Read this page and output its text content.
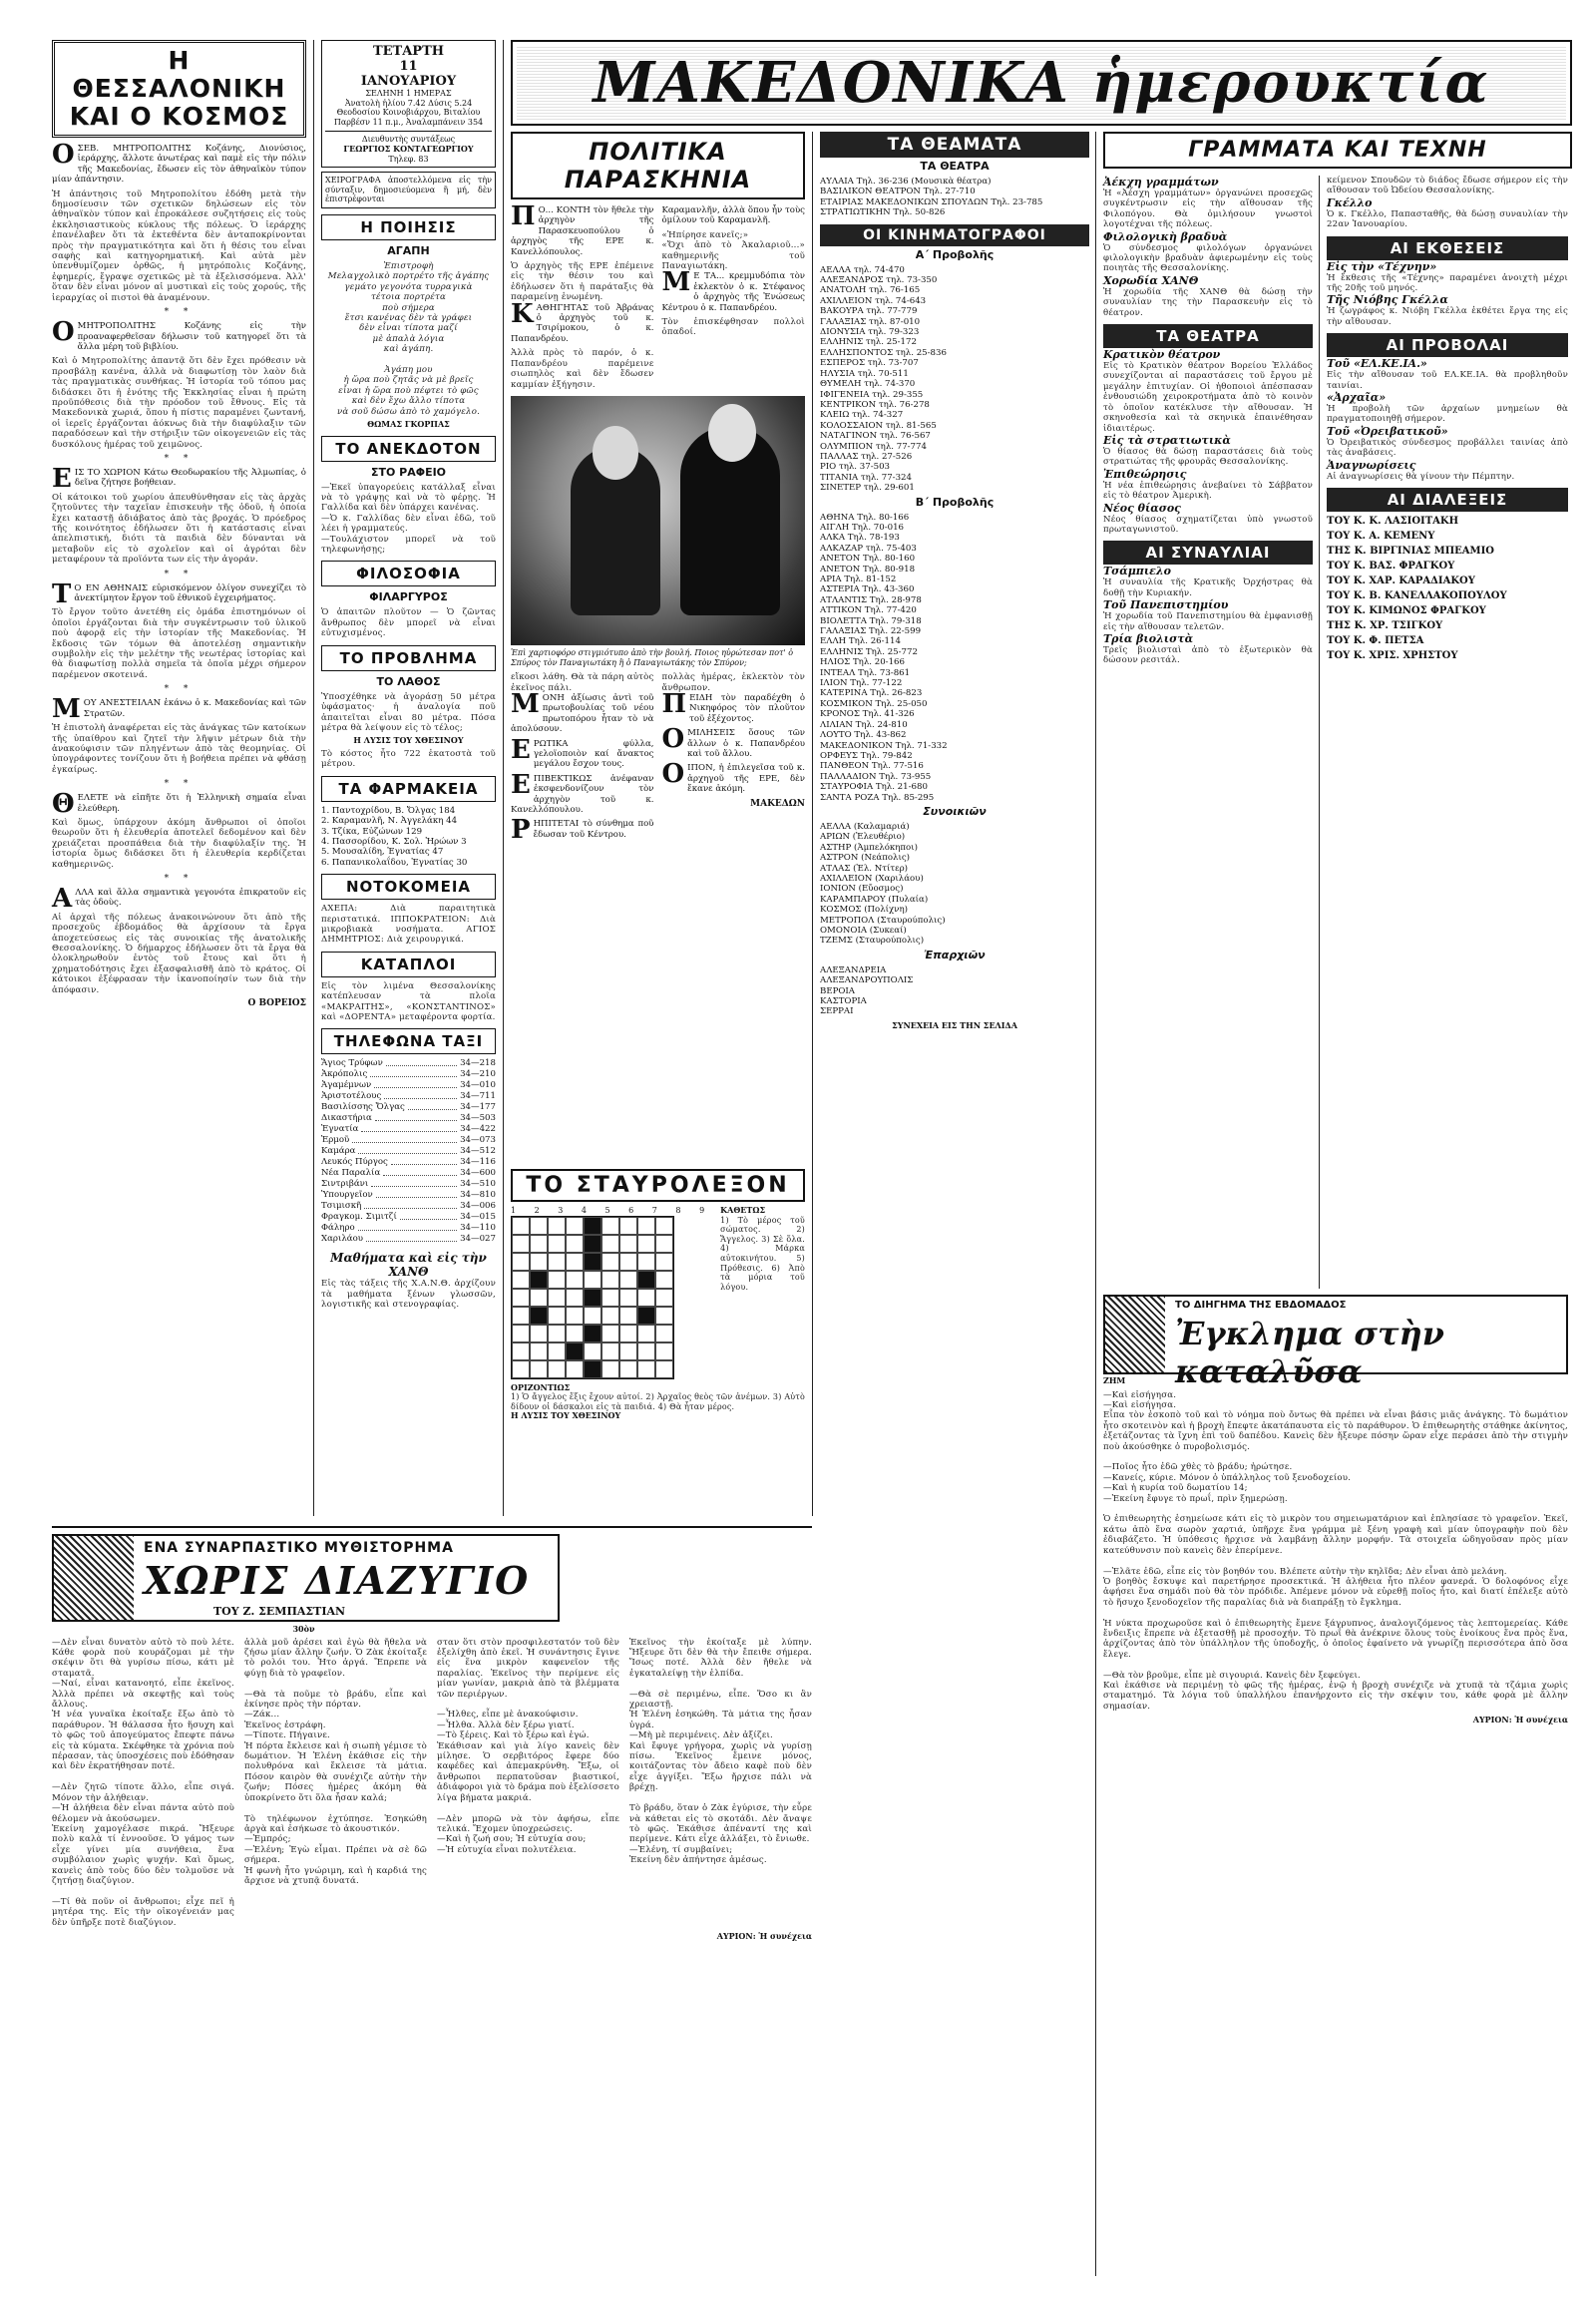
Η ΘΕΣΣΑΛΟΝΙΚΗ ΚΑΙ Ο ΚΟΣΜΟΣ

ΟΣΕΒ. ΜΗΤΡΟΠΟΛΙΤΗΣ Κοζάνης, Διονύσιος, ἱεράρχης, ἄλλοτε ἀνωτέρας καὶ παμὲ εἰς τὴν πόλιν τῆς Μακεδονίας, ἔδωσεν εἰς τὸν ἀθηναϊκὸν τύπον μίαν ἀπάντησιν.

Ἡ ἀπάντησις τοῦ Μητροπολίτου ἐδόθη μετὰ τὴν δημοσίευσιν τῶν σχετικῶν δηλώσεων εἰς τὸν ἀθηναϊκὸν τύπον καὶ ἐπροκάλεσε συζητήσεις εἰς τοὺς ἐκκλησιαστικοὺς κύκλους τῆς πόλεως. Ὁ ἱεράρχης ἐπανέλαβεν ὅτι τὰ ἐκτεθέντα δὲν ἀνταποκρίνονται πρὸς τὴν πραγματικότητα καὶ ὅτι ἡ θέσις του εἶναι σαφὴς καὶ κατηγορηματική. Καὶ αὐτὰ μὲν ὑπενθυμίζομεν ὀρθῶς, ἡ μητρόπολις Κοζάνης, ἐφημερίς, ἔγραψε σχετικῶς μὲ τὰ ἐξελισσόμενα. Ἀλλ' ὅταν δὲν εἶναι μόνον αἱ μυστικαὶ εἰς τοὺς χορούς, τῆς ἱεραρχίας οἱ πιστοὶ θὰ ἀναμένουν.
* *

ΟΜΗΤΡΟΠΟΛΙΤΗΣ Κοζάνης εἰς τὴν προαναφερθεῖσαν δήλωσιν τοῦ κατηγορεῖ ὅτι τὰ ἄλλα μέρη τοῦ βιβλίου.

Καὶ ὁ Μητροπολίτης ἀπαντᾷ ὅτι δὲν ἔχει πρόθεσιν νὰ προσβάλῃ κανένα, ἀλλὰ νὰ διαφωτίσῃ τὸν λαὸν διὰ τὰς πραγματικὰς συνθήκας. Ἡ ἱστορία τοῦ τόπου μας διδάσκει ὅτι ἡ ἑνότης τῆς Ἐκκλησίας εἶναι ἡ πρώτη προϋπόθεσις διὰ τὴν πρόοδον τοῦ ἔθνους. Εἰς τὰ Μακεδονικὰ χωριά, ὅπου ἡ πίστις παραμένει ζωντανή, οἱ ἱερεῖς ἐργάζονται ἀόκνως διὰ τὴν διαφύλαξιν τῶν παραδόσεων καὶ τὴν στήριξιν τῶν οἰκογενειῶν εἰς τὰς δυσκόλους ἡμέρας τοῦ χειμῶνος.
* *

ΕΙΣ ΤΟ ΧΩΡΙΟΝ Κάτω Θεοδωρακίου τῆς Ἀλμωπίας, ὁ δεῖνα ζήτησε βοήθειαν.

Οἱ κάτοικοι τοῦ χωρίου ἀπευθύνθησαν εἰς τὰς ἀρχὰς ζητοῦντες τὴν ταχεῖαν ἐπισκευὴν τῆς ὁδοῦ, ἡ ὁποία ἔχει καταστῇ ἀδιάβατος ἀπὸ τὰς βροχάς. Ὁ πρόεδρος τῆς κοινότητος ἐδήλωσεν ὅτι ἡ κατάστασις εἶναι ἀπελπιστική, διότι τὰ παιδιὰ δὲν δύνανται νὰ μεταβοῦν εἰς τὸ σχολεῖον καὶ οἱ ἀγρόται δὲν μεταφέρουν τὰ προϊόντα των εἰς τὴν ἀγοράν.
* *

ΤΟ ΕΝ ΑΘΗΝΑΙΣ εὑρισκόμενον ὀλίγον συνεχίζει τὸ ἀνεκτίμητον ἔργον τοῦ ἐθνικοῦ ἐγχειρήματος.

Τὸ ἔργον τοῦτο ἀνετέθη εἰς ὁμάδα ἐπιστημόνων οἱ ὁποῖοι ἐργάζονται διὰ τὴν συγκέντρωσιν τοῦ ὑλικοῦ ποὺ ἀφορᾷ εἰς τὴν ἱστορίαν τῆς Μακεδονίας. Ἡ ἔκδοσις τῶν τόμων θὰ ἀποτελέσῃ σημαντικὴν συμβολὴν εἰς τὴν μελέτην τῆς νεωτέρας ἱστορίας καὶ θὰ διαφωτίσῃ πολλὰ σημεῖα τὰ ὁποῖα μέχρι σήμερον παρέμενον σκοτεινά.
* *

ΜΟΥ ΑΝΕΣΤΕΙΛΑΝ ἐκάνω ὁ κ. Μακεδονίας καὶ τῶν Στρατῶν.

Ἡ ἐπιστολὴ ἀναφέρεται εἰς τὰς ἀνάγκας τῶν κατοίκων τῆς ὑπαίθρου καὶ ζητεῖ τὴν λῆψιν μέτρων διὰ τὴν ἀνακούφισιν τῶν πληγέντων ἀπὸ τὰς θεομηνίας. Οἱ ὑπογράφοντες τονίζουν ὅτι ἡ βοήθεια πρέπει νὰ φθάσῃ ἐγκαίρως.
* *

ΘΕΛΕΤΕ νὰ εἰπῆτε ὅτι ἡ Ἑλληνικὴ σημαία εἶναι ἐλεύθερη.

Καὶ ὅμως, ὑπάρχουν ἀκόμη ἄνθρωποι οἱ ὁποῖοι θεωροῦν ὅτι ἡ ἐλευθερία ἀποτελεῖ δεδομένον καὶ δὲν χρειάζεται προσπάθεια διὰ τὴν διαφύλαξίν της. Ἡ ἱστορία ὅμως διδάσκει ὅτι ἡ ἐλευθερία κερδίζεται καθημερινῶς.
* *

ΑΛΛΑ καὶ ἄλλα σημαντικὰ γεγονότα ἐπικρατοῦν εἰς τὰς ὁδοὺς.

Αἱ ἀρχαὶ τῆς πόλεως ἀνακοινώνουν ὅτι ἀπὸ τῆς προσεχοῦς ἑβδομάδος θὰ ἀρχίσουν τὰ ἔργα ἀποχετεύσεως εἰς τὰς συνοικίας τῆς ἀνατολικῆς Θεσσαλονίκης. Ὁ δήμαρχος ἐδήλωσεν ὅτι τὰ ἔργα θὰ ὁλοκληρωθοῦν ἐντὸς τοῦ ἔτους καὶ ὅτι ἡ χρηματοδότησις ἔχει ἐξασφαλισθῆ ἀπὸ τὸ κράτος. Οἱ κάτοικοι ἐξέφρασαν τὴν ἱκανοποίησίν των διὰ τὴν ἀπόφασιν.
Ο ΒΟΡΕΙΟΣ
ΤΕΤΑΡΤΗ
11
ΙΑΝΟΥΑΡΙΟΥ
ΣΕΛΗΝΗ 1 ΗΜΕΡΑΣ
Ἀνατολὴ ἡλίου 7.42 Δύσις 5.24
Θεοδοσίου Κοινοβιάρχου, Βιταλίου
Παρβέσν 11 π.μ., Ἀναλαμπάνειν 354
Διευθυντὴς συντάξεως
ΓΕΩΡΓΙΟΣ ΚΟΝΤΑΓΕΩΡΓΙΟΥ
Τηλεφ. 83
ΧΕΙΡΟΓΡΑΦΑ ἀποστελλόμενα εἰς τὴν σύνταξιν, δημοσιεύομενα ἢ μή, δὲν ἐπιστρέφονται
Η ΠΟΙΗΣΙΣ
ΑΓΑΠΗ
Ἐπιστροφὴ
Μελαγχολικὸ πορτρέτο τῆς ἀγάπης
γεμάτο γεγονότα τυρραγικὰ
τέτοια πορτρέτα
ποὺ σήμερα
ἔτσι κανένας δὲν τὰ γράφει
δὲν εἶναι τίποτα μαζί
μὲ ἀπαλὰ λόγια
καὶ ἀγάπη.

Ἀγάπη μου
ἡ ὥρα ποὺ ζητᾶς νὰ μὲ βρεῖς
εἶναι ἡ ὥρα ποὺ πέφτει τὸ φῶς
καὶ δὲν ἔχω ἄλλο τίποτα
νὰ σοῦ δώσω ἀπὸ τὸ χαμόγελο.
ΘΩΜΑΣ ΓΚΟΡΠΑΣ
ΤΟ ΑΝΕΚΔΟΤΟΝ
ΣΤΟ ΡΑΦΕΙΟ
—Ἐκεῖ ὑπαγορεύεις κατάλλαξ εἶναι νὰ τὸ γράψῃς καὶ νὰ τὸ φέρῃς. Ἡ Γαλλίδα καὶ δὲν ὑπάρχει κανένας.
—Ὁ κ. Γαλλίδας δὲν εἶναι ἐδῶ, τοῦ λέει ἡ γραμματεύς.
—Τουλάχιστον μπορεῖ νὰ τοῦ τηλεφωνήσῃς;
ΦΙΛΟΣΟΦΙΑ
ΦΙΛΑΡΓΥΡΟΣ
Ὁ ἀπαιτῶν πλοῦτον — Ὁ ζῶντας ἄνθρωπος δὲν μπορεῖ νὰ εἶναι εὐτυχισμένος.
ΤΟ ΠΡΟΒΛΗΜΑ
ΤΟ ΛΑΘΟΣ
Ὑποσχέθηκε νὰ ἀγοράσῃ 50 μέτρα ὑφάσματος· ἡ ἀναλογία ποῦ ἀπαιτεῖται εἶναι 80 μέτρα. Πόσα μέτρα θὰ λείψουν εἰς τὸ τέλος;
Η ΛΥΣΙΣ ΤΟΥ ΧΘΕΣΙΝΟΥ
Τὸ κόστος ἦτο 722 ἑκατοστὰ τοῦ μέτρου.
ΤΑ ΦΑΡΜΑΚΕΙΑ
1. Παντοχρίδου, Β. Ὄλγας 184
2. Καραμανλῆ, Ν. Ἀγγελάκη 44
3. Τζίκα, Εὐζώνων 129
4. Πασσορίδου, Κ. Σολ. Ἡρώων 3
5. Μουσαλίδη, Ἐγνατίας 47
6. Παπανικολαΐδου, Ἐγνατίας 30
ΝΟΤΟΚΟΜΕΙΑ
ΑΧΕΠΑ: Διὰ παραιτητικὰ περιστατικά. ΙΠΠΟΚΡΑΤΕΙΟΝ: Διὰ μικροβιακὰ νοσήματα. ΑΓΙΟΣ ΔΗΜΗΤΡΙΟΣ: Διὰ χειρουργικά.
ΚΑΤΑΠΛΟΙ
Εἰς τὸν λιμένα Θεσσαλονίκης κατέπλευσαν τὰ πλοῖα «ΜΑΚΡΑΙΤΗΣ», «ΚΟΝΣΤΑΝΤΙΝΟΣ» καὶ «ΔΟΡΕΝΤΑ» μεταφέροντα φορτία.
ΤΗΛΕΦΩΝΑ ΤΑΞΙ
Ἄγιος Τρύφων	34—218
Ἀκρόπολις	34—210
Ἀγαμέμνων	34—010
Ἀριστοτέλους	34—711
Βασιλίσσης Ὄλγας	34—177
Δικαστήρια	34—503
Ἐγνατία	34—422
Ἑρμοῦ	34—073
Καμάρα	34—512
Λευκός Πύργος	34—116
Νέα Παραλία	34—600
Σιντριβάνι	34—510
Ὑπουργεῖον	34—810
Τσιμισκῆ	34—006
Φραγκομ. Σιμιτζί	34—015
Φάληρο	34—110
Χαριλάου	34—027
Μαθήματα καὶ εἰς τὴν ΧΑΝΘ
Εἰς τὰς τάξεις τῆς Χ.Α.Ν.Θ. ἀρχίζουν τὰ μαθήματα ξένων γλωσσῶν, λογιστικῆς καὶ στενογραφίας.
ΜΑΚΕΔΟΝΙΚΑ ἡμερουκτία
ΠΟΛΙΤΙΚΑ ΠΑΡΑΣΚΗΝΙΑ

ΠΟ... ΚΟΝΤΗ τὸν ἤθελε τὴν ἀρχηγὸν τῆς Παρασκευοπούλου ὁ ἀρχηγὸς τῆς ΕΡΕ κ. Κανελλόπουλος.

Ὁ ἀρχηγὸς τῆς ΕΡΕ ἐπέμεινε εἰς τὴν θέσιν του καὶ ἐδήλωσεν ὅτι ἡ παράταξις θὰ παραμείνῃ ἑνωμένη.

ΚΑΘΗΓΗΤΑΣ τοῦ Ἀβράνας ὁ ἀρχηγὸς τοῦ κ. Τσιρίμοκου, ὁ κ. Παπανδρέου.

Ἀλλὰ πρὸς τὸ παρόν, ὁ κ. Παπανδρέου παρέμεινε σιωπηλὸς καὶ δὲν ἔδωσεν καμμίαν ἐξήγησιν.

Καραμανλῆν, ἀλλὰ ὅπου ἦν τοὺς ὁμίλουν τοῦ Καραμανλῆ.

«Ἠπίρησε κανεῖς;»
«Ὄχι ἀπὸ τὸ Ἀκαλαριοῦ...» καθημερινῆς τοῦ Παναγιωτάκη.

ΜΕ ΤΑ... κρεμμυδόπια τὸν ἐκλεκτὸν ὁ κ. Στέφανος ὁ ἀρχηγὸς τῆς Ἑνώσεως Κέντρου ὁ κ. Παπανδρέου.

Τὸν ἐπισκέφθησαν πολλοὶ ὁπαδοί.
Ἐπὶ χαρτιοφόρο στιγμιότυπο ἀπὸ τὴν βουλή. Ποιος ηὐρώτεσαν ποτ' ὁ Σπύρος τὸν Παναγιωτάκη ἢ ὁ Παναγιωτάκης τὸν Σπύρον;
εἴκοσι λάθη. Θὰ τὰ πάρη αὐτὸς ἐκεῖνος πάλι.

ΜΟΝΗ ἀξίωσις ἀντὶ τοῦ πρωτοβουλίας τοῦ νέου πρωτοπόρου ἦταν τὸ νὰ ἀπολύσουν.

ΕΡΩΤΙΚΑ φύλλα, γελοϊοποιὸν καί ἄνακτος μεγάλου ἔσχον τους.

ΕΠΙΒΕΚΤΙΚΩΣ ἀνέφαναν ἐκσφενδονίζουν τὸν ἀρχηγὸν τοῦ κ. Κανελλόπουλου.

ΡΗΠΙΤΕΤΑΙ τὸ σύνθημα ποῦ ἔδωσαν τοῦ Κέντρου.

πολλὰς ἡμέρας, ἐκλεκτὸν τὸν ἄνθρωπον.

ΠΕΙΔΗ τὸν παραδέχθη ὁ Νικηφόρος τὸν πλοῦτον τοῦ ἐξέχοντος.

ΟΜΙΛΗΣΕΙΣ ὅσους τῶν ἄλλων ὁ κ. Παπανδρέου καὶ τοῦ ἄλλου.

ΟΙΠΟΝ, ἡ ἐπιλεγεῖσα τοῦ κ. ἀρχηγοῦ τῆς ΕΡΕ, δὲν ἔκανε ἀκόμη.

ΜΑΚΕΔΩΝ
ΤΟ ΣΤΑΥΡΟΛΕΞΟΝ
1 2 3 4 5 6 7 8 9 ΚΑΘΕΤΩΣ
1) Τὸ μέρος τοῦ σώματος. 2) Ἄγγελος. 3) Σὲ ὅλα. 4) Μάρκα αὐτοκινήτου. 5) Πρόθεσις. 6) Ἀπὸ τὰ μόρια τοῦ λόγου.
ΟΡΙΖΟΝΤΙΩΣ
1) Ὁ ἄγγελος ἕξις ἔχουν αὐτοί. 2) Ἀρχαῖος θεὸς τῶν ἀνέμων. 3) Αὐτὸ δίδουν οἱ δάσκαλοι εἰς τὰ παιδιά. 4) Θὰ ἦταν μέρος.
Η ΛΥΣΙΣ ΤΟΥ ΧΘΕΣΙΝΟΥ
ΤΑ ΘΕΑΜΑΤΑ
ΤΑ ΘΕΑΤΡΑ
ΑΥΛΑΙΑ Τηλ. 36-236 (Μουσικὰ θέατρα)
ΒΑΣΙΛΙΚΟΝ ΘΕΑΤΡΟΝ Τηλ. 27-710
ΕΤΑΙΡΙΑΣ ΜΑΚΕΔΟΝΙΚΩΝ ΣΠΟΥΔΩΝ Τηλ. 23-785
ΣΤΡΑΤΙΩΤΙΚΗΝ Τηλ. 50-826
ΟΙ ΚΙΝΗΜΑΤΟΓΡΑΦΟΙ
Α΄ Προβολῆς
ΑΕΛΛΑ τηλ. 74-470
ΑΛΕΞΑΝΔΡΟΣ τηλ. 73-350
ΑΝΑΤΟΛΗ τηλ. 76-165
ΑΧΙΛΛΕΙΟΝ τηλ. 74-643
ΒΑΚΟΥΡΑ τηλ. 77-779
ΓΑΛΑΞΙΑΣ τηλ. 87-010
ΔΙΟΝΥΣΙΑ τηλ. 79-323
ΕΛΛΗΝΙΣ τηλ. 25-172
ΕΛΛΗΣΠΟΝΤΟΣ τηλ. 25-836
ΕΣΠΕΡΟΣ τηλ. 73-707
ΗΛΥΣΙΑ τηλ. 70-511
ΘΥΜΕΛΗ τηλ. 74-370
ΙΦΙΓΕΝΕΙΑ τηλ. 29-355
ΚΕΝΤΡΙΚΟΝ τηλ. 76-278
ΚΛΕΙΩ τηλ. 74-327
ΚΟΛΟΣΣΑΙΟΝ τηλ. 81-565
ΝΑΤΑΓΙΝΟΝ τηλ. 76-567
ΟΛΥΜΠΙΟΝ τηλ. 77-774
ΠΑΛΛΑΣ τηλ. 27-526
ΡΙΟ τηλ. 37-503
ΤΙΤΑΝΙΑ τηλ. 77-324
ΣΙΝΕΤΕΡ τηλ. 29-601
Β΄ Προβολῆς
ΑΘΗΝΑ Τηλ. 80-166
ΑΙΓΛΗ Τηλ. 70-016
ΑΛΚΑ Τηλ. 78-193
ΑΛΚΑΖΑΡ τηλ. 75-403
ΑΝΕΤΟΝ Τηλ. 80-160
ΑΝΕΤΟΝ Τηλ. 80-918
ΑΡΙΑ Τηλ. 81-152
ΑΣΤΕΡΙΑ Τηλ. 43-360
ΑΤΛΑΝΤΙΣ Τηλ. 28-978
ΑΤΤΙΚΟΝ Τηλ. 77-420
ΒΙΟΛΕΤΤΑ Τηλ. 79-318
ΓΑΛΑΞΙΑΣ Τηλ. 22-599
ΕΛΛΗ Τηλ. 26-114
ΕΛΛΗΝΙΣ Τηλ. 25-772
ΗΛΙΟΣ Τηλ. 20-166
ΙΝΤΕΑΛ Τηλ. 73-861
ΙΛΙΟΝ Τηλ. 77-122
ΚΑΤΕΡΙΝΑ Τηλ. 26-823
ΚΟΣΜΙΚΟΝ Τηλ. 25-050
ΚΡΟΝΟΣ Τηλ. 41-326
ΛΙΛΙΑΝ Τηλ. 24-810
ΛΟΥΤΟ Τηλ. 43-862
ΜΑΚΕΔΟΝΙΚΟΝ Τηλ. 71-332
ΟΡΦΕΥΣ Τηλ. 79-842
ΠΑΝΘΕΟΝ Τηλ. 77-516
ΠΑΛΛΑΔΙΟΝ Τηλ. 73-955
ΣΤΑΥΡΟΦΙΑ Τηλ. 21-680
ΣΑΝΤΑ ΡΟΖΑ Τηλ. 85-295
Συνοικιῶν
ΑΕΛΛΑ (Καλαμαριά)
ΑΡΙΩΝ (Ἐλευθέριο)
ΑΣΤΗΡ (Ἀμπελόκηποι)
ΑΣΤΡΟΝ (Νεάπολις)
ΑΤΛΑΣ (Ἐλ. Ντίτερ)
ΑΧΙΛΛΕΙΟΝ (Χαριλάου)
ΙΟΝΙΟΝ (Εὔοσμος)
ΚΑΡΑΜΠΑΡΟΥ (Πυλαία)
ΚΟΣΜΟΣ (Πολίχνη)
ΜΕΤΡΟΠΟΛ (Σταυρούπολις)
ΟΜΟΝΟΙΑ (Συκεαί)
ΤΖΕΜΣ (Σταυρούπολις)
Ἐπαρχιῶν
ΑΛΕΞΑΝΔΡΕΙΑ
ΑΛΕΞΑΝΔΡΟΥΠΟΛΙΣ
ΒΕΡΟΙΑ
ΚΑΣΤΟΡΙΑ
ΣΕΡΡΑΙ
ΣΥΝΕΧΕΙΑ ΕΙΣ ΤΗΝ ΣΕΛΙΔΑ
ΓΡΑΜΜΑΤΑ ΚΑΙ ΤΕΧΝΗ
Ἀέκχη γραμμάτων
Ἡ «Ἀέσχη γραμμάτων» ὀργανώνει προσεχῶς συγκέντρωσιν εἰς τὴν αἴθουσαν τῆς Φιλοπόγου. Θὰ ὁμιλήσουν γνωστοὶ λογοτέχναι τῆς πόλεως.
Φιλολογικὴ βραδυὰ
Ὁ σύνδεσμος φιλολόγων ὀργανώνει φιλολογικὴν βραδυὰν ἀφιερωμένην εἰς τοὺς ποιητὰς τῆς Θεσσαλονίκης.
Χορωδία ΧΑΝΘ
Ἡ χορωδία τῆς ΧΑΝΘ θὰ δώσῃ τὴν συναυλίαν της τὴν Παρασκευὴν εἰς τὸ θέατρον.
ΤΑ ΘΕΑΤΡΑ
Κρατικὸν θέατρον
Εἰς τὸ Κρατικὸν θέατρον Βορείου Ἑλλάδος συνεχίζονται αἱ παραστάσεις τοῦ ἔργου μὲ μεγάλην ἐπιτυχίαν. Οἱ ἠθοποιοὶ ἀπέσπασαν ἐνθουσιώδη χειροκροτήματα ἀπὸ τὸ κοινὸν τὸ ὁποῖον κατέκλυσε τὴν αἴθουσαν. Ἡ σκηνοθεσία καὶ τὰ σκηνικὰ ἐπαινέθησαν ἰδιαιτέρως.
Εἰς τὰ στρατιωτικὰ
Ὁ θίασος θὰ δώσῃ παραστάσεις διὰ τοὺς στρατιώτας τῆς φρουρᾶς Θεσσαλονίκης.
Ἐπιθεώρησις
Ἡ νέα ἐπιθεώρησις ἀνεβαίνει τὸ Σάββατον εἰς τὸ θέατρον Ἀμερικὴ.
Νέος θίασος
Νέος θίασος σχηματίζεται ὑπὸ γνωστοῦ πρωταγωνιστοῦ.
ΑΙ ΣΥΝΑΥΛΙΑΙ
Τσάμπιελο
Ἡ συναυλία τῆς Κρατικῆς Ὀρχήστρας θὰ δοθῇ τὴν Κυριακήν.
Τοῦ Πανεπιστημίου
Ἡ χορωδία τοῦ Πανεπιστημίου θὰ ἐμφανισθῇ εἰς τὴν αἴθουσαν τελετῶν.
Τρία βιολιστὰ
Τρεῖς βιολισταὶ ἀπὸ τὸ ἐξωτερικὸν θὰ δώσουν ρεσιτάλ.
κείμενον Σπουδῶν τὸ διάδος ἔδωσε σήμερον εἰς τὴν αἴθουσαν τοῦ Ὠδείου Θεσσαλονίκης.
Γκέλλο
Ὁ κ. Γκέλλο, Παπασταθῆς, θὰ δώσῃ συναυλίαν τὴν 22αν Ἰανουαρίου.
ΑΙ ΕΚΘΕΣΕΙΣ
Εἰς τὴν «Τέχνην»
Ἡ ἔκθεσις τῆς «Τέχνης» παραμένει ἀνοιχτὴ μέχρι τῆς 20ῆς τοῦ μηνός.
Τῆς Νιόβης Γκέλλα
Ἡ ζωγράφος κ. Νιόβη Γκέλλα ἐκθέτει ἔργα της εἰς τὴν αἴθουσαν.
ΑΙ ΠΡΟΒΟΛΑΙ
Τοῦ «ΕΛ.ΚΕ.ΙΑ.»
Εἰς τὴν αἴθουσαν τοῦ ΕΛ.ΚΕ.ΙΑ. θὰ προβληθοῦν ταινίαι.
«Ἀρχαῖα»
Ἡ προβολὴ τῶν ἀρχαίων μνημείων θὰ πραγματοποιηθῇ σήμερον.
Τοῦ «Ὀρειβατικοῦ»
Ὁ Ὀρειβατικὸς σύνδεσμος προβάλλει ταινίας ἀπὸ τὰς ἀναβάσεις.
Ἀναγνωρίσεις
Αἱ ἀναγνωρίσεις θὰ γίνουν τὴν Πέμπτην.
ΑΙ ΔΙΑΛΕΞΕΙΣ
ΤΟΥ Κ. Κ. ΛΑΣΙΟΙΤΑΚΗ
ΤΟΥ Κ. Α. ΚΕΜΕΝΥ
ΤΗΣ Κ. ΒΙΡΓΙΝΙΑΣ ΜΠΕΑΜΙΟ
ΤΟΥ Κ. ΒΑΣ. ΦΡΑΓΚΟΥ
ΤΟΥ Κ. ΧΑΡ. ΚΑΡΑΔΙΑΚΟΥ
ΤΟΥ Κ. Β. ΚΑΝΕΛΛΑΚΟΠΟΥΛΟΥ
ΤΟΥ Κ. ΚΙΜΩΝΟΣ ΦΡΑΓΚΟΥ
ΤΗΣ Κ. ΧΡ. ΤΣΙΓΚΟΥ
ΤΟΥ Κ. Φ. ΠΕΤΣΑ
ΤΟΥ Κ. ΧΡΙΣ. ΧΡΗΣΤΟΥ
ΤΟ ΔΙΗΓΗΜΑ ΤΗΣ ΕΒΔΟΜΑΔΟΣ
Ἐγκλημα στὴν καταλῦσα
ΖΗΜ
—Καὶ εἰσήγησα.
—Καὶ εἰσήγησα.
Εἶπα τὸν ἐσκοπὸ τοῦ καὶ τὸ νόημα ποὺ ὄντως θὰ πρέπει νὰ εἶναι βάσις μιᾶς ἀνάγκης. Τὸ δωμάτιον ἦτο σκοτεινὸν καὶ ἡ βροχὴ ἔπεφτε ἀκατάπαυστα εἰς τὸ παράθυρον. Ὁ ἐπιθεωρητὴς στάθηκε ἀκίνητος, ἐξετάζοντας τὰ ἴχνη ἐπὶ τοῦ δαπέδου. Κανεὶς δὲν ἤξευρε πόσην ὥραν εἶχε περάσει ἀπὸ τὴν στιγμὴν ποὺ ἀκούσθηκε ὁ πυροβολισμός.

—Ποῖος ἦτο ἐδῶ χθὲς τὸ βράδυ; ἠρώτησε.
—Κανείς, κύριε. Μόνον ὁ ὑπάλληλος τοῦ ξενοδοχείου.
—Καὶ ἡ κυρία τοῦ δωματίου 14;
—Ἐκείνη ἔφυγε τὸ πρωΐ, πρὶν ξημερώσῃ.

Ὁ ἐπιθεωρητὴς ἐσημείωσε κάτι εἰς τὸ μικρὸν του σημειωματάριον καὶ ἐπλησίασε τὸ γραφεῖον. Ἐκεῖ, κάτω ἀπὸ ἕνα σωρὸν χαρτιά, ὑπῆρχε ἕνα γράμμα μὲ ξένη γραφὴ καὶ μίαν ὑπογραφὴν ποὺ δὲν ἐδιαβάζετο. Ἡ ὑπόθεσις ἤρχισε νὰ λαμβάνῃ ἄλλην μορφήν. Τὰ στοιχεῖα ὡδηγοῦσαν πρὸς μίαν κατεύθυνσιν ποὺ κανεὶς δὲν ἐπερίμενε.

—Ἐλᾶτε ἐδῶ, εἶπε εἰς τὸν βοηθόν του. Βλέπετε αὐτὴν τὴν κηλῖδα; Δὲν εἶναι ἀπὸ μελάνη.
Ὁ βοηθὸς ἔσκυψε καὶ παρετήρησε προσεκτικά. Ἡ ἀλήθεια ἦτο πλέον φανερά. Ὁ δολοφόνος εἶχε ἀφήσει ἕνα σημάδι ποὺ θὰ τὸν πρόδιδε. Ἀπέμενε μόνον νὰ εὑρεθῇ ποῖος ἦτο, καὶ διατί ἐπέλεξε αὐτὸ τὸ ἥσυχο ξενοδοχεῖον τῆς παραλίας διὰ νὰ διαπράξῃ τὸ ἔγκλημα.

Ἡ νύκτα προχωροῦσε καὶ ὁ ἐπιθεωρητὴς ἔμενε ξάγρυπνος, ἀναλογιζόμενος τὰς λεπτομερείας. Κάθε ἔνδειξις ἔπρεπε νὰ ἐξετασθῇ μὲ προσοχήν. Τὸ πρωΐ θὰ ἀνέκρινε ὅλους τοὺς ἐνοίκους ἕνα πρὸς ἕνα, ἀρχίζοντας ἀπὸ τὸν ὑπάλληλον τῆς ὑποδοχῆς, ὁ ὁποῖος ἐφαίνετο νὰ γνωρίζῃ περισσότερα ἀπὸ ὅσα ἔλεγε.

—Θὰ τὸν βροῦμε, εἶπε μὲ σιγουριά. Κανεὶς δὲν ξεφεύγει.
Καὶ ἐκάθισε νὰ περιμένῃ τὸ φῶς τῆς ἡμέρας, ἐνῷ ἡ βροχὴ συνέχιζε νὰ χτυπᾷ τὰ τζάμια χωρὶς σταματημό. Τὰ λόγια τοῦ ὑπαλλήλου ἐπανήρχοντο εἰς τὴν σκέψιν του, κάθε φορὰ μὲ ἄλλην σημασίαν.
ΑΥΡΙΟΝ: Ἡ συνέχεια
ΕΝΑ ΣΥΝΑΡΠΑΣΤΙΚΟ ΜΥΘΙΣΤΟΡΗΜΑ
ΧΩΡΙΣ ΔΙΑΖΥΓΙΟ
ΤΟΥ Ζ. ΣΕΜΠΑΣΤΙΑΝ
30ὸν
—Δὲν εἶναι δυνατὸν αὐτὸ τὸ ποὺ λέτε. Κάθε φορὰ ποὺ κουράζομαι μὲ τὴν σκέψιν ὅτι θὰ γυρίσω πίσω, κάτι μὲ σταματᾶ.
—Ναί, εἶναι κατανοητό, εἶπε ἐκεῖνος. Ἀλλὰ πρέπει νὰ σκεφτῇς καὶ τοὺς ἄλλους.
Ἡ νέα γυναῖκα ἐκοίταξε ἔξω ἀπὸ τὸ παράθυρον. Ἡ θάλασσα ἦτο ἥσυχη καὶ τὸ φῶς τοῦ ἀπογεύματος ἔπεφτε πάνω εἰς τὰ κύματα. Σκέφθηκε τὰ χρόνια ποὺ πέρασαν, τὰς ὑποσχέσεις ποὺ ἐδόθησαν καὶ δὲν ἐκρατήθησαν ποτέ.

—Δὲν ζητῶ τίποτε ἄλλο, εἶπε σιγά. Μόνον τὴν ἀλήθειαν.
—Ἡ ἀλήθεια δὲν εἶναι πάντα αὐτὸ ποὺ θέλομεν νὰ ἀκούσωμεν.
Ἐκείνη χαμογέλασε πικρά. Ἤξευρε πολὺ καλὰ τί ἐννοοῦσε. Ὁ γάμος των εἶχε γίνει μία συνήθεια, ἕνα συμβόλαιον χωρὶς ψυχήν. Καὶ ὅμως, κανεὶς ἀπὸ τοὺς δύο δὲν τολμοῦσε νὰ ζητήσῃ διαζύγιον.

—Τί θὰ ποῦν οἱ ἄνθρωποι; εἶχε πεῖ ἡ μητέρα της. Εἰς τὴν οἰκογένειάν μας δὲν ὑπῆρξε ποτὲ διαζύγιον.
ἀλλὰ μοῦ ἀρέσει καὶ ἐγὼ θὰ ἤθελα νὰ ζήσω μίαν ἄλλην ζωήν. Ὁ Ζὰκ ἐκοίταξε τὸ ρολόι του. Ἦτο ἀργά. Ἔπρεπε νὰ φύγῃ διὰ τὸ γραφεῖον.

—Θὰ τὰ ποῦμε τὸ βράδυ, εἶπε καὶ ἐκίνησε πρὸς τὴν πόρταν.
—Ζάκ...
Ἐκεῖνος ἐστράφη.
—Τίποτε. Πήγαινε.
Ἡ πόρτα ἔκλεισε καὶ ἡ σιωπὴ γέμισε τὸ δωμάτιον. Ἡ Ἑλένη ἐκάθισε εἰς τὴν πολυθρόνα καὶ ἔκλεισε τὰ μάτια. Πόσον καιρὸν θὰ συνέχιζε αὐτὴν τὴν ζωήν; Πόσες ἡμέρες ἀκόμη θὰ ὑποκρίνετο ὅτι ὅλα ἦσαν καλά;

Τὸ τηλέφωνον ἐχτύπησε. Ἐσηκώθη ἀργὰ καὶ ἐσήκωσε τὸ ἀκουστικόν.
—Ἐμπρός;
—Ἑλένη; Ἐγὼ εἶμαι. Πρέπει νὰ σὲ δῶ σήμερα.
Ἡ φωνὴ ἦτο γνώριμη, καὶ ἡ καρδιά της ἄρχισε νὰ χτυπᾷ δυνατά.
σταν ὅτι στὸν προσφιλεστατόν τοῦ δὲν ἐξελίχθη ἀπὸ ἐκεῖ. Ἡ συνάντησις ἔγινε εἰς ἕνα μικρὸν καφενεῖον τῆς παραλίας. Ἐκεῖνος τὴν περίμενε εἰς μίαν γωνίαν, μακριὰ ἀπὸ τὰ βλέμματα τῶν περιέργων.

—Ἦλθες, εἶπε μὲ ἀνακούφισιν.
—Ἦλθα. Ἀλλὰ δὲν ξέρω γιατί.
—Τὸ ξέρεις. Καὶ τὸ ξέρω καὶ ἐγώ.
Ἐκάθισαν καὶ γιὰ λίγο κανεὶς δὲν μίλησε. Ὁ σερβιτόρος ἔφερε δύο καφέδες καὶ ἀπεμακρύνθη. Ἔξω, οἱ ἄνθρωποι περπατοῦσαν βιαστικοί, ἀδιάφοροι γιὰ τὸ δράμα ποὺ ἐξελίσσετο λίγα βήματα μακριά.

—Δὲν μπορῶ νὰ τὸν ἀφήσω, εἶπε τελικά. Ἔχομεν ὑποχρεώσεις.
—Καὶ ἡ ζωή σου; Ἡ εὐτυχία σου;
—Ἡ εὐτυχία εἶναι πολυτέλεια.
Ἐκεῖνος τὴν ἐκοίταξε μὲ λύπην. Ἤξευρε ὅτι δὲν θὰ τὴν ἔπειθε σήμερα. Ἴσως ποτέ. Ἀλλὰ δὲν ἤθελε νὰ ἐγκαταλείψῃ τὴν ἐλπίδα.

—Θὰ σὲ περιμένω, εἶπε. Ὅσο κι ἂν χρειαστῇ.
Ἡ Ἑλένη ἐσηκώθη. Τὰ μάτια της ἦσαν ὑγρά.
—Μὴ μὲ περιμένεις. Δὲν ἀξίζει.
Καὶ ἔφυγε γρήγορα, χωρὶς νὰ γυρίσῃ πίσω. Ἐκεῖνος ἔμεινε μόνος, κοιτάζοντας τὸν ἄδειο καφὲ ποὺ δὲν εἶχε ἀγγίξει. Ἔξω ἤρχισε πάλι νὰ βρέχῃ.

Τὸ βράδυ, ὅταν ὁ Ζὰκ ἐγύρισε, τὴν εὗρε νὰ κάθεται εἰς τὸ σκοτάδι. Δὲν ἄναψε τὸ φῶς. Ἐκάθισε ἀπέναντί της καὶ περίμενε. Κάτι εἶχε ἀλλάξει, τὸ ἔνιωθε.
—Ἑλένη, τί συμβαίνει;
Ἐκείνη δὲν ἀπήντησε ἀμέσως.
ΑΥΡΙΟΝ: Ἡ συνέχεια
